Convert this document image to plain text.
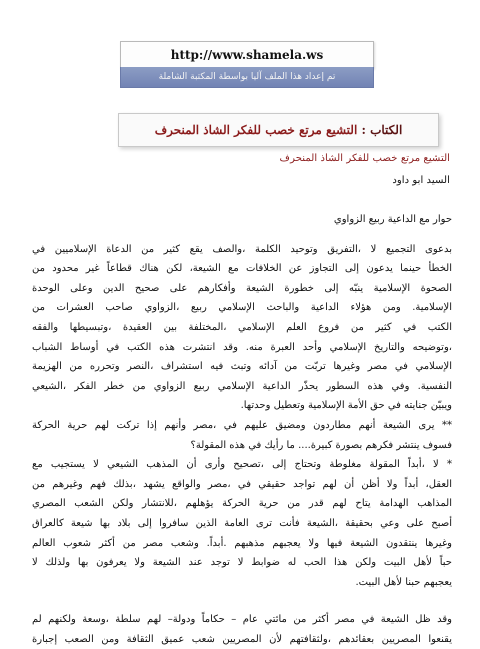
http://www.shamela.ws
تم إعداد هذا الملف آليا بواسطة المكتبة الشاملة
الكتاب :

التشيع مرتع خصب للفكر الشاذ المنحرف
التشيع مرتع خصب للفكر الشاذ المنحرف
السيد أبو داود
حوار مع الداعية ربيع الزواوي
بدعوى التجميع لا ،التفريق وتوحيد الكلمة ،والصف يقع كثير من الدعاة الإسلاميين في
الخطأ حينما يدعون إلى التجاوز عن الخلافات مع الشيعة، لكن هناك قطاعاً غير محدود من
الصحوة الإسلامية ينبّه إلى خطورة الشيعة وأفكارهم على صحيح الدين وعلى الوحدة
الإسلامية. ومن هؤلاء الداعية والباحث الإسلامي ربيع ،الزواوي صاحب العشرات من
الكتب في كثير من فروع العلم الإسلامي ،المختلفة بين العقيدة ،وتبسيطها والفقه
،وتوضيحه والتاريخ الإسلامي وأحد العبرة منه. وقد انتشرت هذه الكتب في أوساط الشباب
الإسلامي في مصر وغيرها تربّت من آدائه وتبث فيه استشراف ،النصر وتحرره من الهزيمة
النفسية. وفي هذه السطور يحذّر الداعية الإسلامي ربيع الزواوي من خطر الفكر ،الشيعي
ويبيّن جنايته في حق الأمة الإسلامية وتعطيل وحدتها.
** يرى الشيعة أنهم مطاردون ومضيق عليهم في ،مصر وأنهم إذا تركت لهم حرية الحركة
فسوف ينتشر فكرهم بصورة كبيرة.... ما رأيك في هذه المقولة؟
* لا ،أبداً المقولة مغلوطة وتحتاج إلى ،تصحيح وأرى أن المذهب الشيعي لا يستجيب مع
العقل، أبداً ولا أظن أن لهم تواجد حقيقي في ،مصر والواقع يشهد ،بذلك فهم وغيرهم من
المذاهب الهدامة يتاح لهم قدر من حرية الحركة يؤهلهم ،للانتشار ولكن الشعب المصري
أصبح على وعي بحقيقة ،الشيعة فأنت ترى العامة الذين سافروا إلى بلاد بها شيعة كالعراق
وغيرها ينتقدون الشيعة فيها ولا يعجبهم مذهبهم .أبداً. وشعب مصر من أكثر شعوب العالم
حباً لأهل البيت ولكن هذا الحب له ضوابط لا توجد عند الشيعة ولا يعرفون بها ولذلك لا
يعجبهم حبنا لأهل البيت.
وقد ظل الشيعة في مصر أكثر من مائتي عام – حكاماً ودولة– لهم سلطة ،وسعة ولكنهم لم
يقنعوا المصريين بعقائدهم ،ولثقافتهم لأن المصريين شعب عميق الثقافة ومن الصعب إجبارة
